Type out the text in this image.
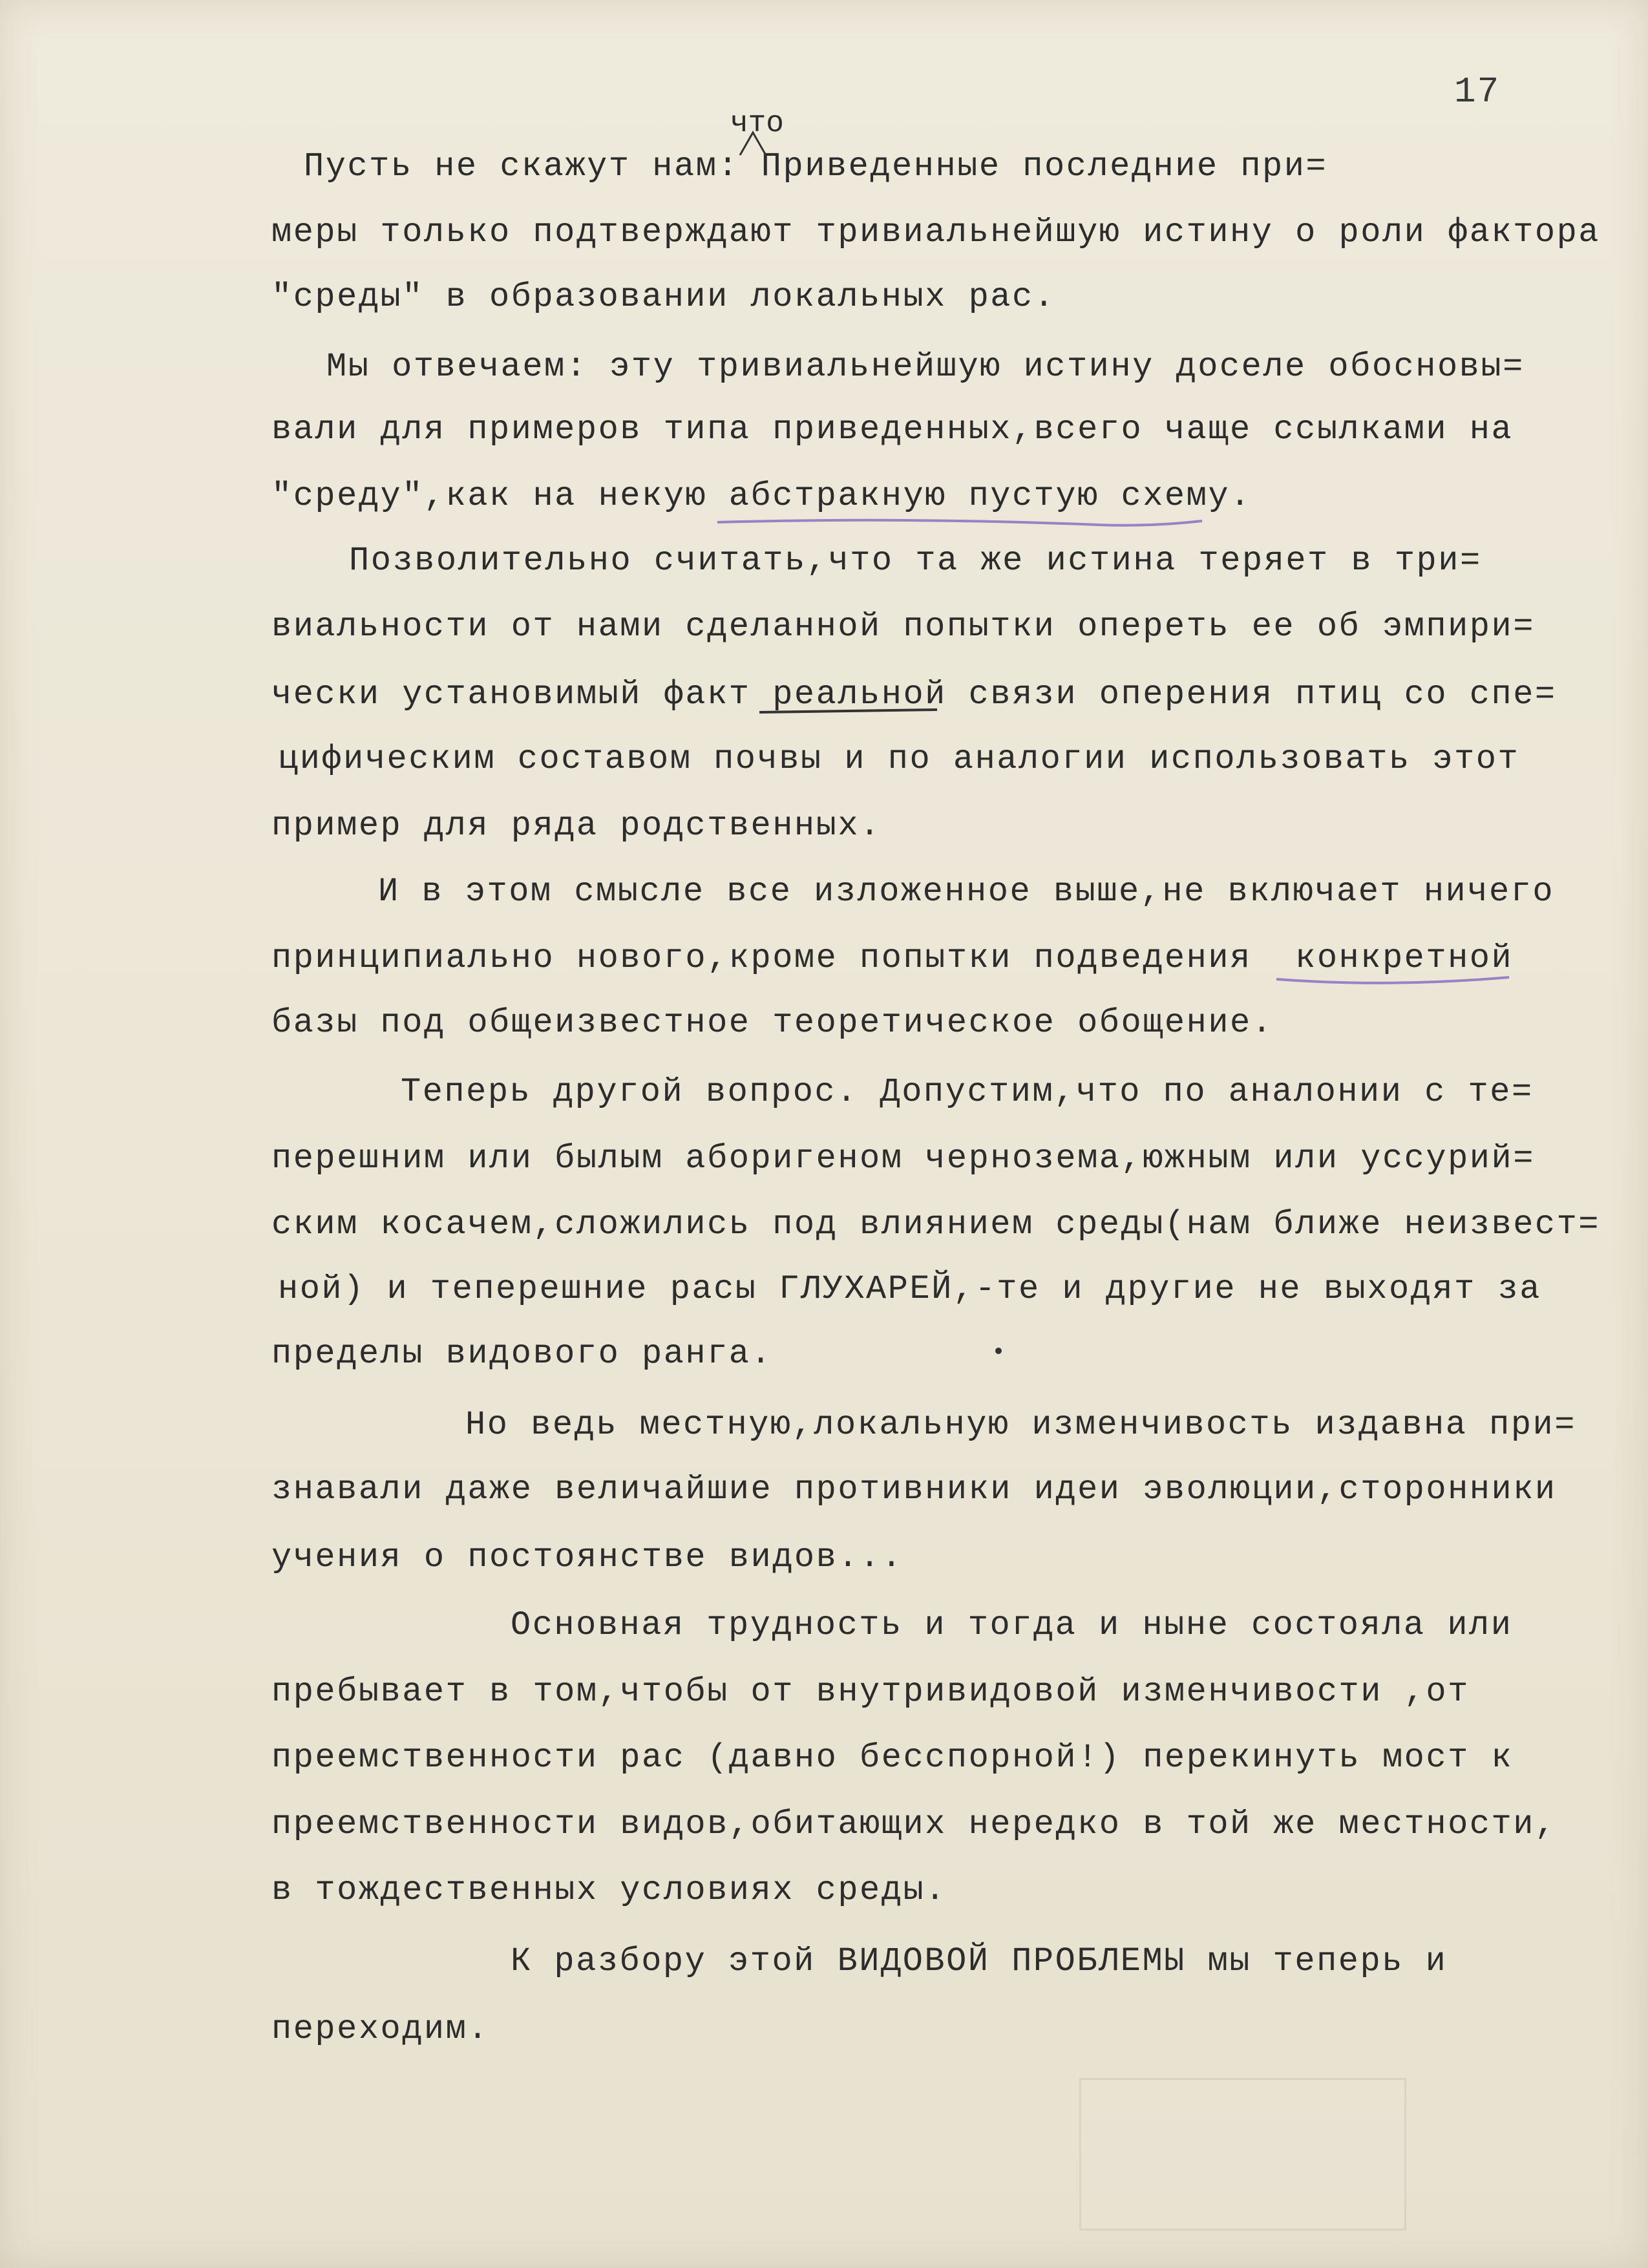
17
что
Пусть не скажут нам: Приведенные последние при=
меры только подтверждают тривиальнейшую истину о роли фактора
"среды" в образовании локальных рас.
Мы отвечаем: эту тривиальнейшую истину доселе обосновы=
вали для примеров типа приведенных,всего чаще ссылками на
"среду",как на некую абстракную пустую схему.
Позволительно считать,что та же истина теряет в три=
виальности от нами сделанной попытки опереть ее об эмпири=
чески установимый факт реальной связи оперения птиц со спе=
цифическим составом почвы и по аналогии использовать этот
пример для ряда родственных.
И в этом смысле все изложенное выше,не включает ничего
принципиально нового,кроме попытки подведения  конкретной
базы под общеизвестное теоретическое обощение.
Теперь другой вопрос. Допустим,что по аналонии с те=
перешним или былым аборигеном чернозема,южным или уссурий=
ским косачем,сложились под влиянием среды(нам ближе неизвест=
ной) и теперешние расы ГЛУХАРЕЙ,-те и другие не выходят за
пределы видового ранга.
Но ведь местную,локальную изменчивость издавна при=
знавали даже величайшие противники идеи эволюции,сторонники
учения о постоянстве видов...
Основная трудность и тогда и ныне состояла или
пребывает в том,чтобы от внутривидовой изменчивости ,от
преемственности рас (давно бесспорной!) перекинуть мост к
преемственности видов,обитающих нередко в той же местности,
в тождественных условиях среды.
К разбору этой ВИДОВОЙ ПРОБЛЕМЫ мы теперь и
переходим.
